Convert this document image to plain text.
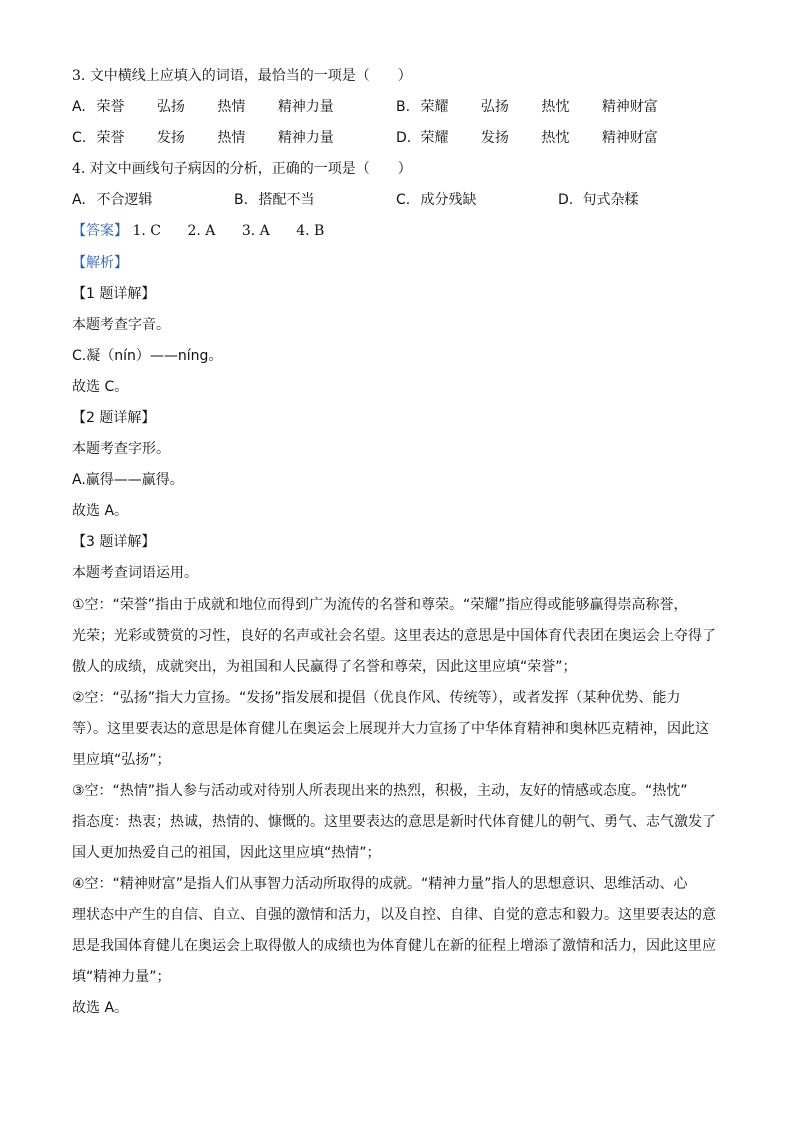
3. 文中横线上应填入的词语，最恰当的一项是（　　）
A. 荣誉 弘扬 热情 精神力量	B. 荣耀 弘扬 热忱 精神财富
C. 荣誉 发扬 热情 精神力量	D. 荣耀 发扬 热忱 精神财富
4. 对文中画线句子病因的分析，正确的一项是（　　）
A. 不合逻辑	B. 搭配不当	C. 成分残缺	D. 句式杂糅
【答案】 1. C 2. A 3. A 4. B
【解析】
【1 题详解】
本题考查字音。
C.凝（nín）——níng。
故选 C。
【2 题详解】
本题考查字形。
A.赢得——赢得。
故选 A。
【3 题详解】
本题考查词语运用。
①空：“荣誉”指由于成就和地位而得到广为流传的名誉和尊荣。“荣耀”指应得或能够赢得崇高称誉，
光荣；光彩或赞赏的习性，良好的名声或社会名望。这里表达的意思是中国体育代表团在奥运会上夺得了
傲人的成绩，成就突出，为祖国和人民赢得了名誉和尊荣，因此这里应填“荣誉”；
②空：“弘扬”指大力宣扬。“发扬”指发展和提倡（优良作风、传统等），或者发挥（某种优势、能力
等）。这里要表达的意思是体育健儿在奥运会上展现并大力宣扬了中华体育精神和奥林匹克精神，因此这
里应填“弘扬”；
③空：“热情”指人参与活动或对待别人所表现出来的热烈，积极，主动，友好的情感或态度。“热忱”
指态度：热衷；热诚，热情的、慷慨的。这里要表达的意思是新时代体育健儿的朝气、勇气、志气激发了
国人更加热爱自己的祖国，因此这里应填“热情”；
④空：“精神财富”是指人们从事智力活动所取得的成就。“精神力量”指人的思想意识、思维活动、心
理状态中产生的自信、自立、自强的激情和活力，以及自控、自律、自觉的意志和毅力。这里要表达的意
思是我国体育健儿在奥运会上取得傲人的成绩也为体育健儿在新的征程上增添了激情和活力，因此这里应
填“精神力量”；
故选 A。
